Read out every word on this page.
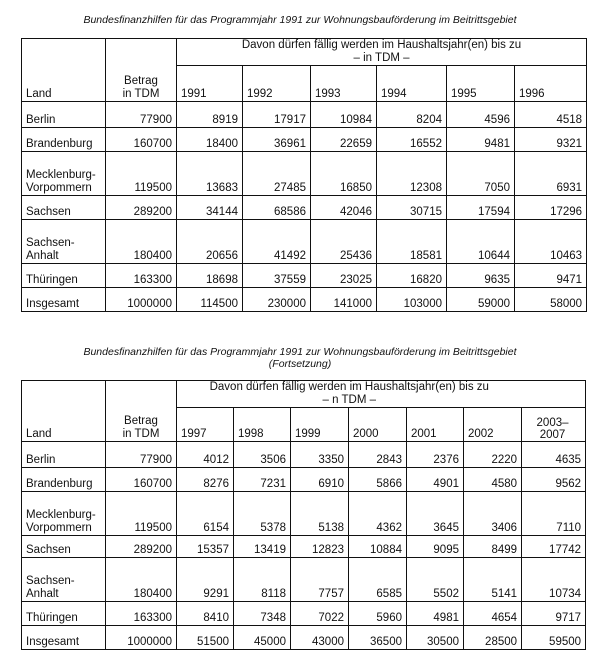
Bundesfinanzhilfen für das Programmjahr 1991 zur Wohnungsbauförderung im Beitrittsgebiet
Land	Betrag
in TDM	Davon dürfen fällig werden im Haushaltsjahr(en) bis zu
– in TDM –					
		1991	1992	1993	1994	1995	1996
Berlin	77900	8919	17917	10984	8204	4596	4518
Brandenburg	160700	18400	36961	22659	16552	9481	9321
Mecklenburg-
Vorpommern	119500	13683	27485	16850	12308	7050	6931
Sachsen	289200	34144	68586	42046	30715	17594	17296
Sachsen-
Anhalt	180400	20656	41492	25436	18581	10644	10463
Thüringen	163300	18698	37559	23025	16820	9635	9471
Insgesamt	1000000	114500	230000	141000	103000	59000	58000
Bundesfinanzhilfen für das Programmjahr 1991 zur Wohnungsbauförderung im Beitrittsgebiet
(Fortsetzung)
Land	Betrag
in TDM	Davon dürfen fällig werden im Haushaltsjahr(en) bis zu
– n TDM –						
		1997	1998	1999	2000	2001	2002	2003–
2007
Berlin	77900	4012	3506	3350	2843	2376	2220	4635
Brandenburg	160700	8276	7231	6910	5866	4901	4580	9562
Mecklenburg-
Vorpommern	119500	6154	5378	5138	4362	3645	3406	7110
Sachsen	289200	15357	13419	12823	10884	9095	8499	17742
Sachsen-
Anhalt	180400	9291	8118	7757	6585	5502	5141	10734
Thüringen	163300	8410	7348	7022	5960	4981	4654	9717
Insgesamt	1000000	51500	45000	43000	36500	30500	28500	59500
